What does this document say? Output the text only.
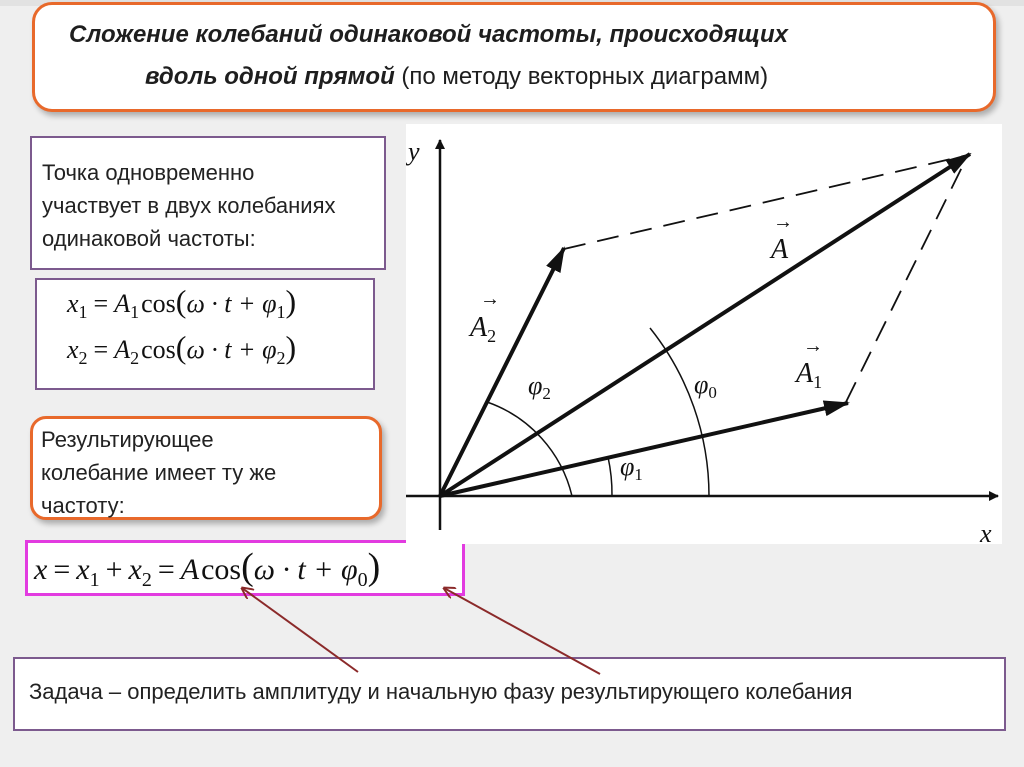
Сложение колебаний одинаковой частоты, происходящих

вдоль одной прямой (по методу векторных диаграмм)

Точка одновременно
участвует в двух колебаниях
одинаковой частоты:

$x_1 = A_1\cos(\omega \cdot t + \varphi_1)$
$x_2 = A_2\cos(\omega \cdot t + \varphi_2)$

Результирующее
колебание имеет ту же
частоту:

$x = x_1 + x_2 = Acos(\omega \cdot t + \varphi_0)$

Задача – определить амплитуду и начальную фазу результирующего колебания

y
x
→
A
→
$A_1$
→
$A_2$
φ0
φ1
φ2
